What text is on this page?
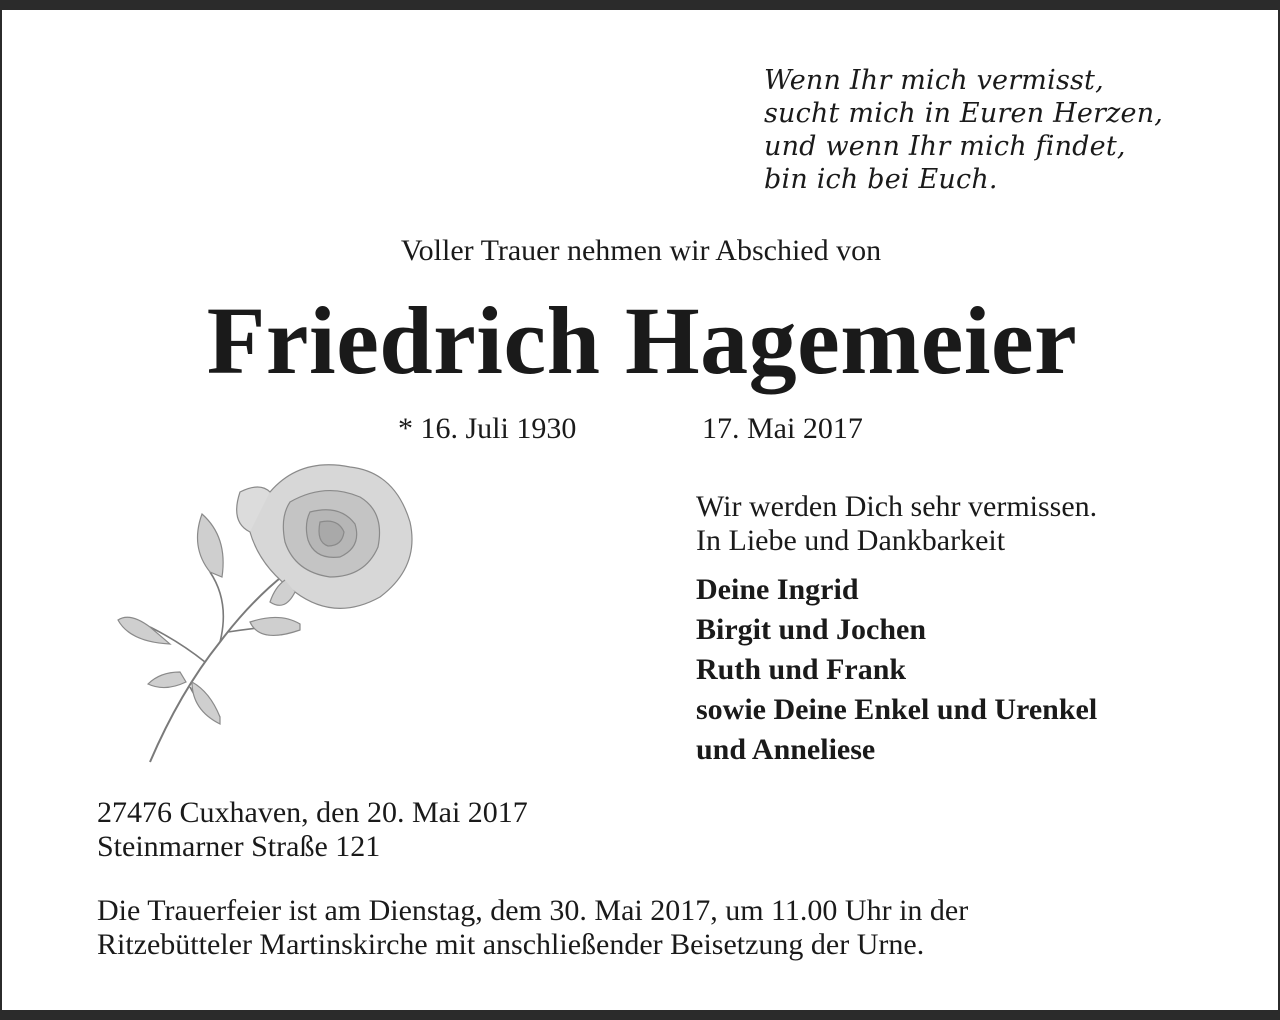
Wenn Ihr mich vermisst,
sucht mich in Euren Herzen,
und wenn Ihr mich findet,
bin ich bei Euch.
Voller Trauer nehmen wir Abschied von
Friedrich Hagemeier
* 16. Juli 1930	17. Mai 2017
Wir werden Dich sehr vermissen.
In Liebe und Dankbarkeit
Deine Ingrid
Birgit und Jochen
Ruth und Frank
sowie Deine Enkel und Urenkel
und Anneliese
27476 Cuxhaven, den 20. Mai 2017
Steinmarner Straße 121
Die Trauerfeier ist am Dienstag, dem 30. Mai 2017, um 11.00 Uhr in der
Ritzebütteler Martinskirche mit anschließender Beisetzung der Urne.
